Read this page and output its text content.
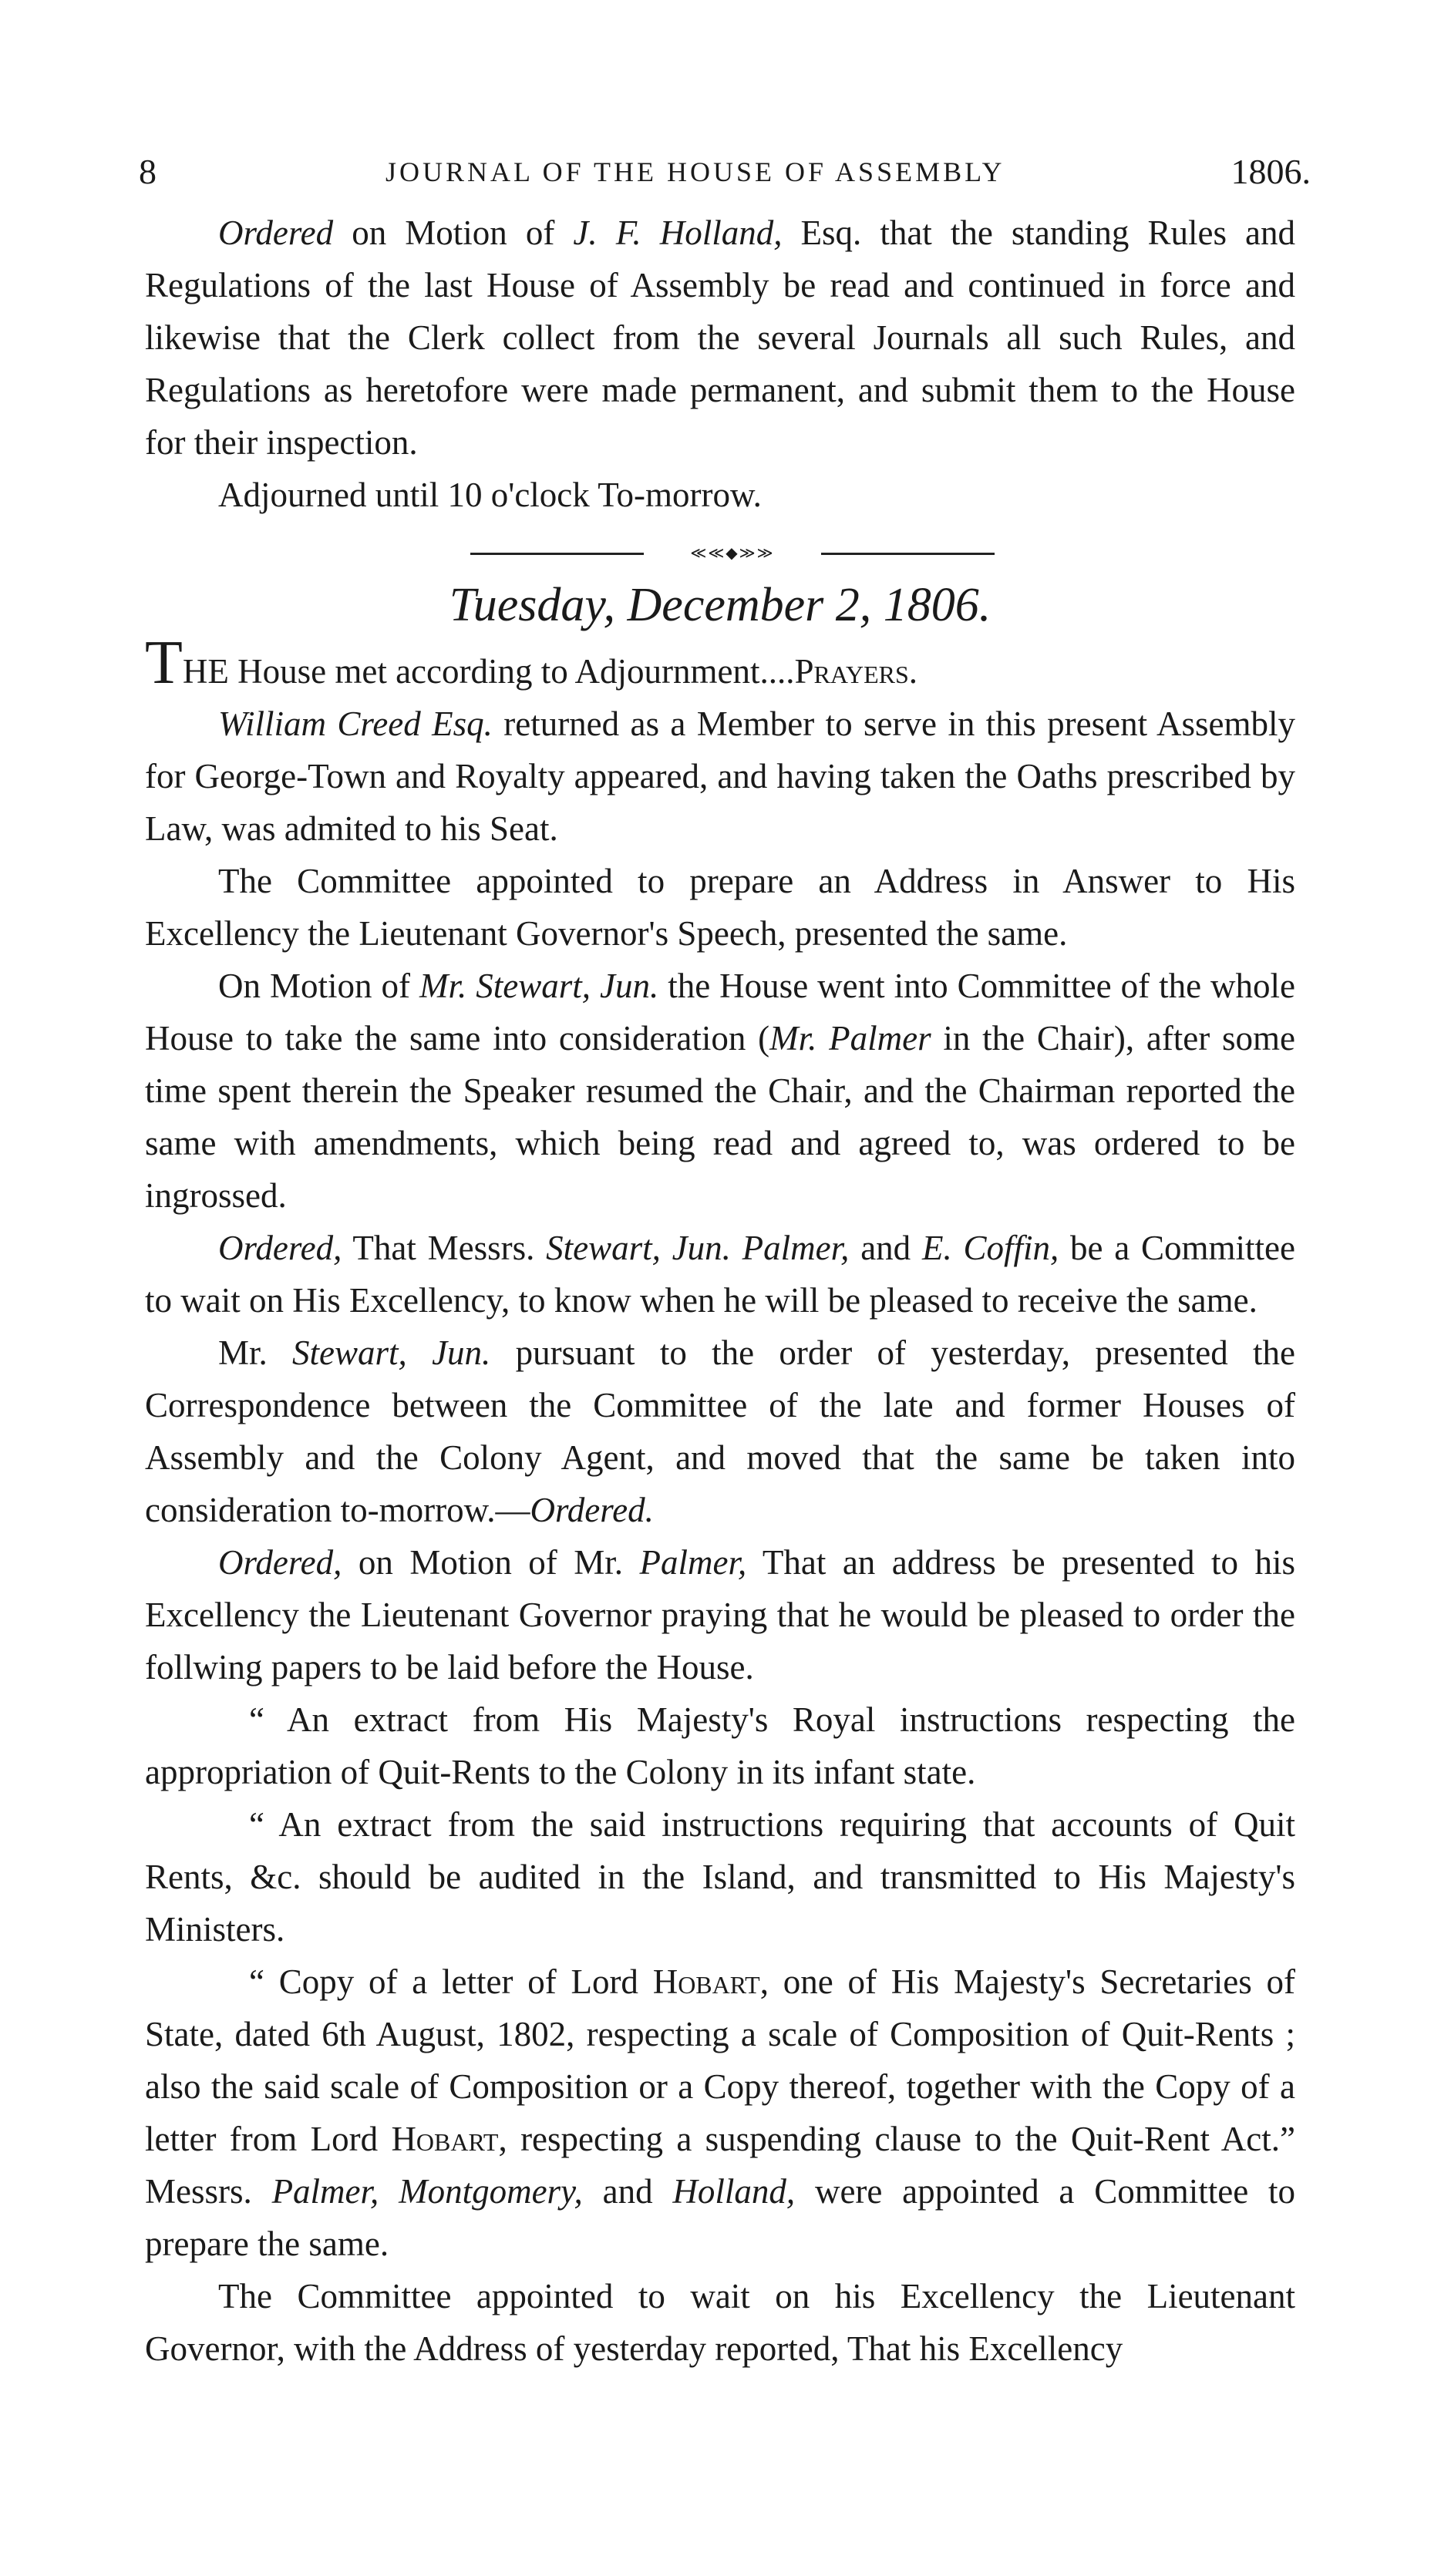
8	JOURNAL OF THE HOUSE OF ASSEMBLY	1806.

Ordered on Motion of J. F. Holland, Esq. that the standing Rules and Regulations of the last House of Assembly be read and continued in force and likewise that the Clerk collect from the several Journals all such Rules, and Regulations as heretofore were made permanent, and submit them to the House for their inspection.

Adjourned until 10 o'clock To-morrow.

≪≪◆≫≫
Tuesday, December 2, 1806.

THE House met according to Adjournment....Prayers.

William Creed Esq. returned as a Member to serve in this present Assembly for George-Town and Royalty appeared, and having taken the Oaths prescribed by Law, was admited to his Seat.

The Committee appointed to prepare an Address in Answer to His Excellency the Lieutenant Governor's Speech, presented the same.

On Motion of Mr. Stewart, Jun. the House went into Committee of the whole House to take the same into consideration (Mr. Palmer in the Chair), after some time spent therein the Speaker resumed the Chair, and the Chairman reported the same with amendments, which being read and agreed to, was ordered to be ingrossed.

Ordered, That Messrs. Stewart, Jun. Palmer, and E. Coffin, be a Committee to wait on His Excellency, to know when he will be pleased to receive the same.

Mr. Stewart, Jun. pursuant to the order of yesterday, presented the Correspondence between the Committee of the late and former Houses of Assembly and the Colony Agent, and moved that the same be taken into consideration to-morrow.—Ordered.

Ordered, on Motion of Mr. Palmer, That an address be presented to his Excellency the Lieutenant Governor praying that he would be pleased to order the follwing papers to be laid before the House.

“ An extract from His Majesty's Royal instructions respecting the appropriation of Quit-Rents to the Colony in its infant state.

“ An extract from the said instructions requiring that accounts of Quit Rents, &c. should be audited in the Island, and transmitted to His Majesty's Ministers.

“ Copy of a letter of Lord Hobart, one of His Majesty's Secretaries of State, dated 6th August, 1802, respecting a scale of Composition of Quit-Rents ; also the said scale of Composition or a Copy thereof, together with the Copy of a letter from Lord Hobart, respecting a suspending clause to the Quit-Rent Act.” Messrs. Palmer, Montgomery, and Holland, were appointed a Committee to prepare the same.

The Committee appointed to wait on his Excellency the Lieutenant Governor, with the Address of yesterday reported, That his Excellency
